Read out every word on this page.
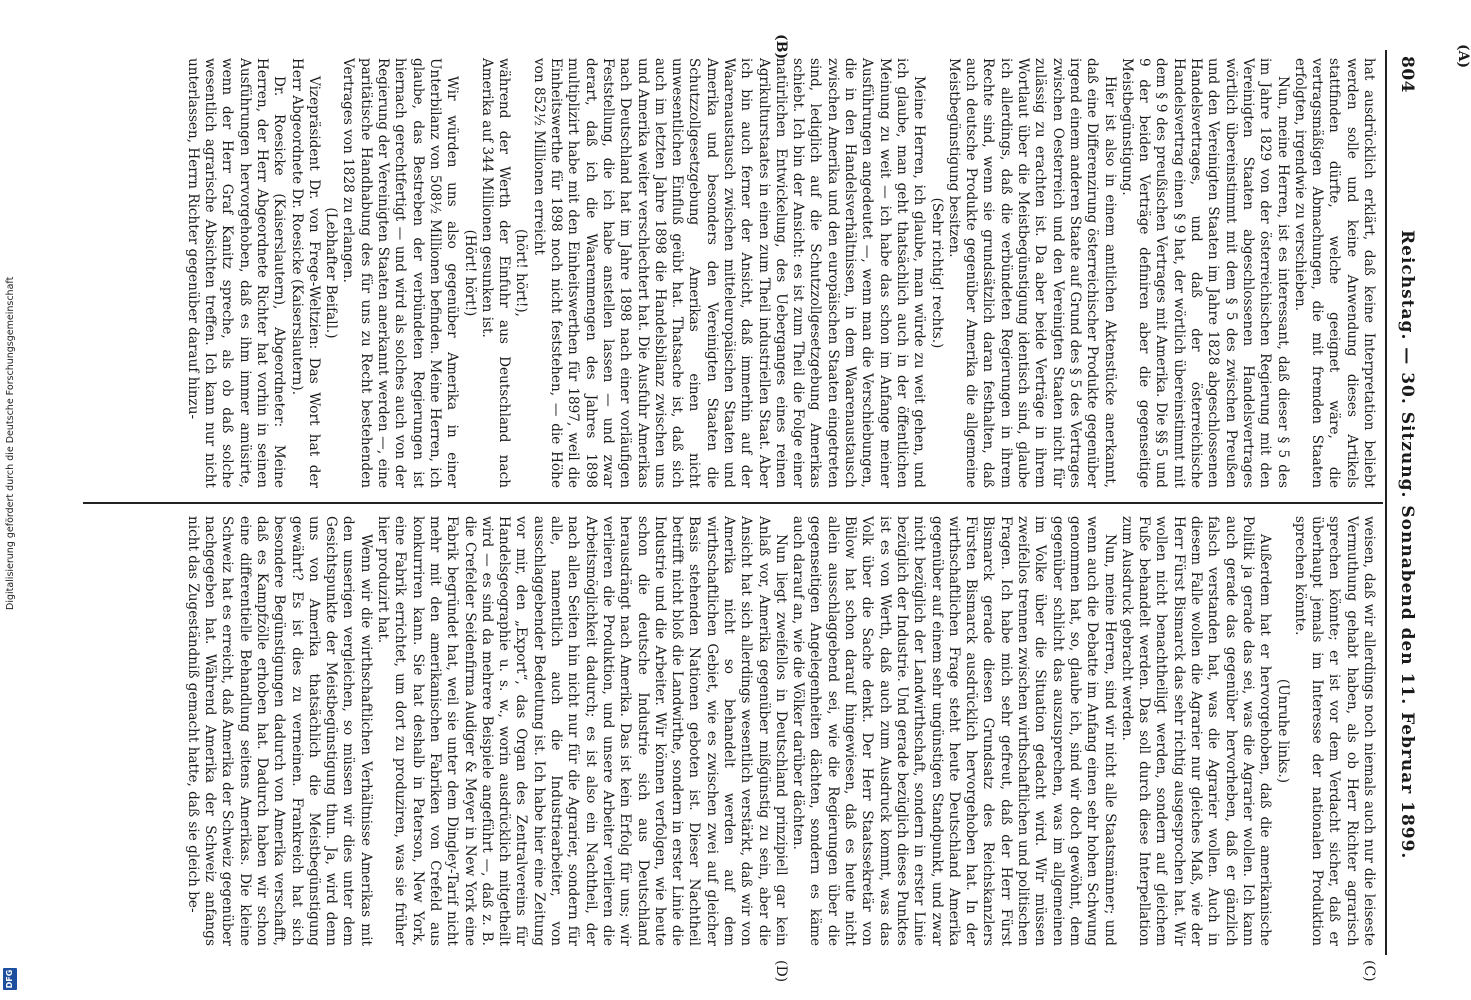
804
Reichstag. — 30. Sitzung. Sonnabend den 11. Februar 1899.

hat ausdrücklich erklärt, daß keine Interpretation beliebt werden solle und keine Anwendung dieses Artikels stattfinden dürfte, welche geeignet wäre, die vertragsmäßigen Abmachungen, die mit fremden Staaten erfolgten, irgendwie zu verschieben.

Nun, meine Herren, ist es interessant, daß dieser § 5 des im Jahre 1829 von der österreichischen Regierung mit den Vereinigten Staaten abgeschlossenen Handelsvertrages wörtlich übereinstimmt mit dem § 5 des zwischen Preußen und den Vereinigten Staaten im Jahre 1828 abgeschlossenen Handelsvertrages, und daß der österreichische Handelsvertrag einen § 9 hat, der wörtlich übereinstimmt mit dem § 9 des preußischen Vertrages mit Amerika. Die §§ 5 und 9 der beiden Verträge definiren aber die gegenseitige Meistbegünstigung.

Hier ist also in einem amtlichen Aktenstücke anerkannt, daß eine Differenzirung österreichischer Produkte gegenüber irgend einem anderen Staate auf Grund des § 5 des Vertrages zwischen Oesterreich und den Vereinigten Staaten nicht für zulässig zu erachten ist. Da aber beide Verträge in ihrem Wortlaut über die Meistbegünstigung identisch sind, glaube ich allerdings, daß die verbündeten Regierungen in ihrem Rechte sind, wenn sie grundsätzlich daran festhalten, daß auch deutsche Produkte gegenüber Amerika die allgemeine Meistbegünstigung besitzen.

(Sehr richtig! rechts.)

Meine Herren, ich glaube, man würde zu weit gehen, und ich glaube, man geht thatsächlich auch in der öffentlichen Meinung zu weit — ich habe das schon im Anfange meiner Ausführungen angedeutet —, wenn man die Verschiebungen, die in den Handelsverhältnissen, in dem Waarenaustausch zwischen Amerika und den europäischen Staaten eingetreten sind, lediglich auf die Schutzzollgesetzgebung Amerikas schiebt. Ich bin der Ansicht: es ist zum Theil die Folge einer natürlichen Entwickelung, des Ueberganges eines reinen Agrikulturstaates in einen zum Theil industriellen Staat. Aber ich bin auch ferner der Ansicht, daß immerhin auf der Waarenaustausch zwischen mitteleuropäischen Staaten und Amerika und besonders den Vereinigten Staaten die Schutzzollgesetzgebung Amerikas einen nicht unwesentlichen Einfluß geübt hat. Thatsache ist, daß sich auch im letzten Jahre 1898 die Handelsbilanz zwischen uns und Amerika weiter verschlechtert hat. Die Ausfuhr Amerikas nach Deutschland hat im Jahre 1898 nach einer vorläufigen Feststellung, die ich habe anstellen lassen — und zwar derart, daß ich die Waarenmengen des Jahres 1898 multiplizirt habe mit den Einheitswerthen für 1897, weil die Einheitswerthe für 1898 noch nicht feststehen, — die Höhe von 852½ Millionen erreicht

(hört! hört!),

während der Werth der Einfuhr aus Deutschland nach Amerika auf 344 Millionen gesunken ist.

(Hört! hört!)

Wir würden uns also gegenüber Amerika in einer Unterbilanz von 508½ Millionen befinden. Meine Herren, ich glaube, das Bestreben der verbündeten Regierungen ist hiernach gerechtfertigt — und wird als solches auch von der Regierung der Vereinigten Staaten anerkannt werden —, eine paritätische Handhabung des für uns zu Recht bestehenden Vertrages von 1828 zu erlangen.

(Lebhafter Beifall.)

Vizepräsident Dr. von Frege-Weltzien: Das Wort hat der Herr Abgeordnete Dr. Roesicke (Kaiserslautern).

Dr. Roesicke (Kaiserslautern), Abgeordneter: Meine Herren, der Herr Abgeordnete Richter hat vorhin in seinen Ausführungen hervorgehoben, daß es ihm immer amüsirte, wenn der Herr Graf Kanitz spreche, als ob daß solche wesentlich agrarische Absichten treffen. Ich kann nur nicht unterlassen, Herrn Richter gegenüber darauf hinzu-

weisen, daß wir allerdings noch niemals auch nur die leiseste Vermuthung gehabt haben, als ob Herr Richter agrarisch sprechen könnte; er ist vor dem Verdacht sicher, daß er überhaupt jemals im Interesse der nationalen Produktion sprechen könnte.

(Unruhe links.)

Außerdem hat er hervorgehoben, daß die amerikanische Politik ja gerade das sei, was die Agrarier wollen. Ich kann auch gerade das gegenüber hervorheben, daß er gänzlich falsch verstanden hat, was die Agrarier wollen. Auch in diesem Falle wollen die Agrarier nur gleiches Maß, wie der Herr Fürst Bismarck das sehr richtig ausgesprochen hat. Wir wollen nicht benachtheiligt werden, sondern auf gleichem Fuße behandelt werden. Das soll durch diese Interpellation zum Ausdruck gebracht werden.

Nun, meine Herren, sind wir nicht alle Staatsmänner; und wenn auch die Debatte im Anfang einen sehr hohen Schwung genommen hat, so, glaube ich, sind wir doch gewöhnt, dem gegenüber schlicht das auszusprechen, was im allgemeinen im Volke über die Situation gedacht wird. Wir müssen zweifellos trennen zwischen wirthschaftlichen und politischen Fragen. Ich habe mich sehr gefreut, daß der Herr Fürst Bismarck gerade diesen Grundsatz des Reichskanzlers Fürsten Bismarck ausdrücklich hervorgehoben hat. In der wirthschaftlichen Frage steht heute Deutschland Amerika gegenüber auf einem sehr ungünstigen Standpunkt, und zwar nicht bezüglich der Landwirthschaft, sondern in erster Linie bezüglich der Industrie. Und gerade bezüglich dieses Punktes ist es von Werth, daß auch zum Ausdruck kommt, was das Volk über die Sache denkt. Der Herr Staatssekretär von Bülow hat schon darauf hingewiesen, daß es heute nicht allein ausschlaggebend sei, wie die Regierungen über die gegenseitigen Angelegenheiten dächten, sondern es käme auch darauf an, wie die Völker darüber dächten.

Nun liegt zweifellos in Deutschland prinzipiell gar kein Anlaß vor, Amerika gegenüber mißgünstig zu sein, aber die Ansicht hat sich allerdings wesentlich verstärkt, daß wir von Amerika nicht so behandelt werden auf dem wirthschaftlichen Gebiet, wie es zwischen zwei auf gleicher Basis stehenden Nationen geboten ist. Dieser Nachtheil betrifft nicht bloß die Landwirthe, sondern in erster Linie die Industrie und die Arbeiter. Wir können verfolgen, wie heute schon die deutsche Industrie sich aus Deutschland herausdrängt nach Amerika. Das ist kein Erfolg für uns; wir verlieren die Produktion, und unsere Arbeiter verlieren die Arbeitsmöglichkeit dadurch; es ist also ein Nachtheil, der nach allen Seiten hin nicht nur für die Agrarier, sondern für alle, namentlich auch die Industriearbeiter, von ausschlaggebender Bedeutung ist. Ich habe hier eine Zeitung vor mir, den „Export“, das Organ des Zentralvereins für Handelsgeographie u. s. w., worin ausdrücklich mitgetheilt wird — es sind da mehrere Beispiele angeführt —, daß z. B. die Crefelder Seidenfirma Audiger & Meyer in New York eine Fabrik begründet hat, weil sie unter dem Dingley-Tarif nicht mehr mit den amerikanischen Fabriken von Crefeld aus konkurriren kann. Sie hat deshalb in Paterson, New York, eine Fabrik errichtet, um dort zu produziren, was sie früher hier produzirt hat.

Wenn wir die wirthschaftlichen Verhältnisse Amerikas mit den unserigen vergleichen, so müssen wir dies unter dem Gesichtspunkte der Meistbegünstigung thun. Ja, wird denn uns von Amerika thatsächlich die Meistbegünstigung gewährt? Es ist dies zu verneinen. Frankreich hat sich besondere Begünstigungen dadurch von Amerika verschafft, daß es Kampfzölle erhoben hat. Dadurch haben wir schon eine differentielle Behandlung seitens Amerikas. Die kleine Schweiz hat es erreicht, daß Amerika der Schweiz gegenüber nachgegeben hat. Während Amerika der Schweiz anfangs nicht das Zugeständniß gemacht hatte, daß sie gleich be-

(A)
(B)
(C)
(D)
DFG
Digitalisierung gefördert durch die Deutsche Forschungsgemeinschaft
